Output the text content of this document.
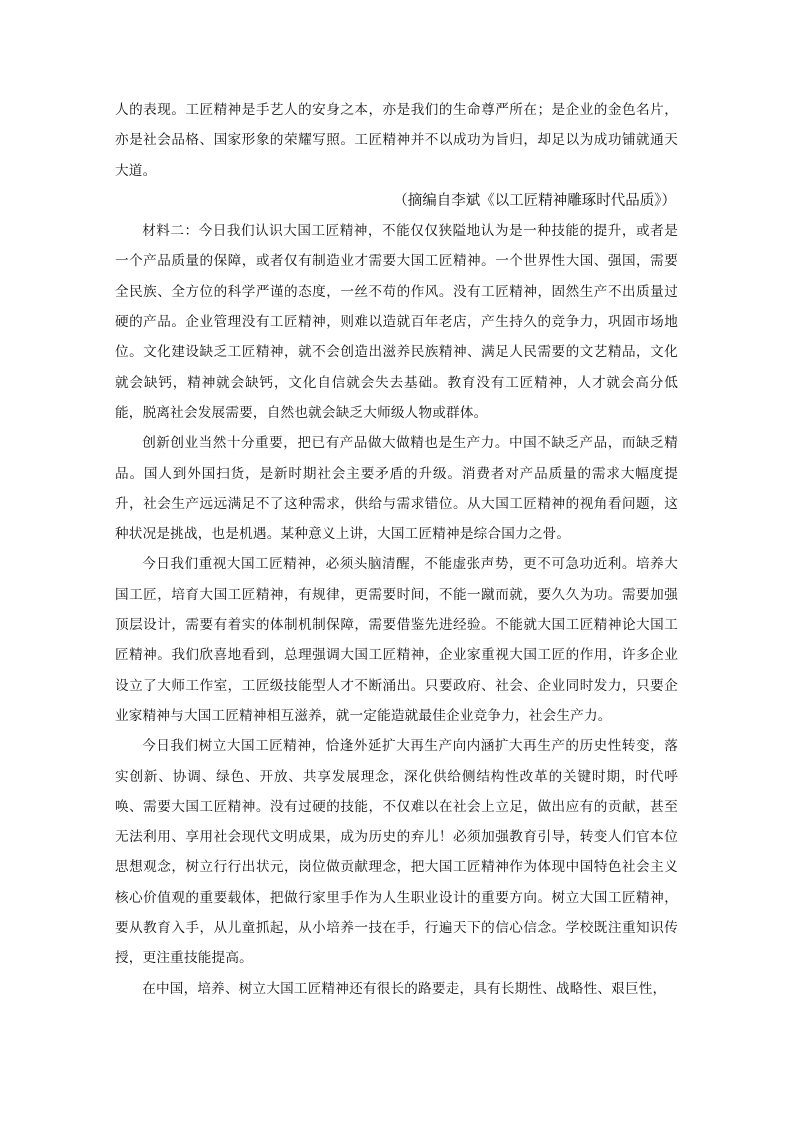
人的表现。工匠精神是手艺人的安身之本，亦是我们的生命尊严所在；是企业的金色名片，亦是社会品格、国家形象的荣耀写照。工匠精神并不以成功为旨归，却足以为成功铺就通天大道。

（摘编自李斌《以工匠精神雕琢时代品质》）

材料二：今日我们认识大国工匠精神，不能仅仅狭隘地认为是一种技能的提升，或者是一个产品质量的保障，或者仅有制造业才需要大国工匠精神。一个世界性大国、强国，需要全民族、全方位的科学严谨的态度，一丝不苟的作风。没有工匠精神，固然生产不出质量过硬的产品。企业管理没有工匠精神，则难以造就百年老店，产生持久的竞争力，巩固市场地位。文化建设缺乏工匠精神，就不会创造出滋养民族精神、满足人民需要的文艺精品，文化就会缺钙，精神就会缺钙，文化自信就会失去基础。教育没有工匠精神，人才就会高分低能，脱离社会发展需要，自然也就会缺乏大师级人物或群体。

创新创业当然十分重要，把已有产品做大做精也是生产力。中国不缺乏产品，而缺乏精品。国人到外国扫货，是新时期社会主要矛盾的升级。消费者对产品质量的需求大幅度提升，社会生产远远满足不了这种需求，供给与需求错位。从大国工匠精神的视角看问题，这种状况是挑战，也是机遇。某种意义上讲，大国工匠精神是综合国力之骨。

今日我们重视大国工匠精神，必须头脑清醒，不能虚张声势，更不可急功近利。培养大国工匠，培育大国工匠精神，有规律，更需要时间，不能一蹴而就，要久久为功。需要加强顶层设计，需要有着实的体制机制保障，需要借鉴先进经验。不能就大国工匠精神论大国工匠精神。我们欣喜地看到，总理强调大国工匠精神，企业家重视大国工匠的作用，许多企业设立了大师工作室，工匠级技能型人才不断涌出。只要政府、社会、企业同时发力，只要企业家精神与大国工匠精神相互滋养，就一定能造就最佳企业竞争力，社会生产力。

今日我们树立大国工匠精神，恰逢外延扩大再生产向内涵扩大再生产的历史性转变，落实创新、协调、绿色、开放、共享发展理念，深化供给侧结构性改革的关键时期，时代呼唤、需要大国工匠精神。没有过硬的技能，不仅难以在社会上立足，做出应有的贡献，甚至无法利用、享用社会现代文明成果，成为历史的弃儿！必须加强教育引导，转变人们官本位思想观念，树立行行出状元，岗位做贡献理念，把大国工匠精神作为体现中国特色社会主义核心价值观的重要载体，把做行家里手作为人生职业设计的重要方向。树立大国工匠精神，要从教育入手，从儿童抓起，从小培养一技在手，行遍天下的信心信念。学校既注重知识传授，更注重技能提高。

在中国，培养、树立大国工匠精神还有很长的路要走，具有长期性、战略性、艰巨性，
